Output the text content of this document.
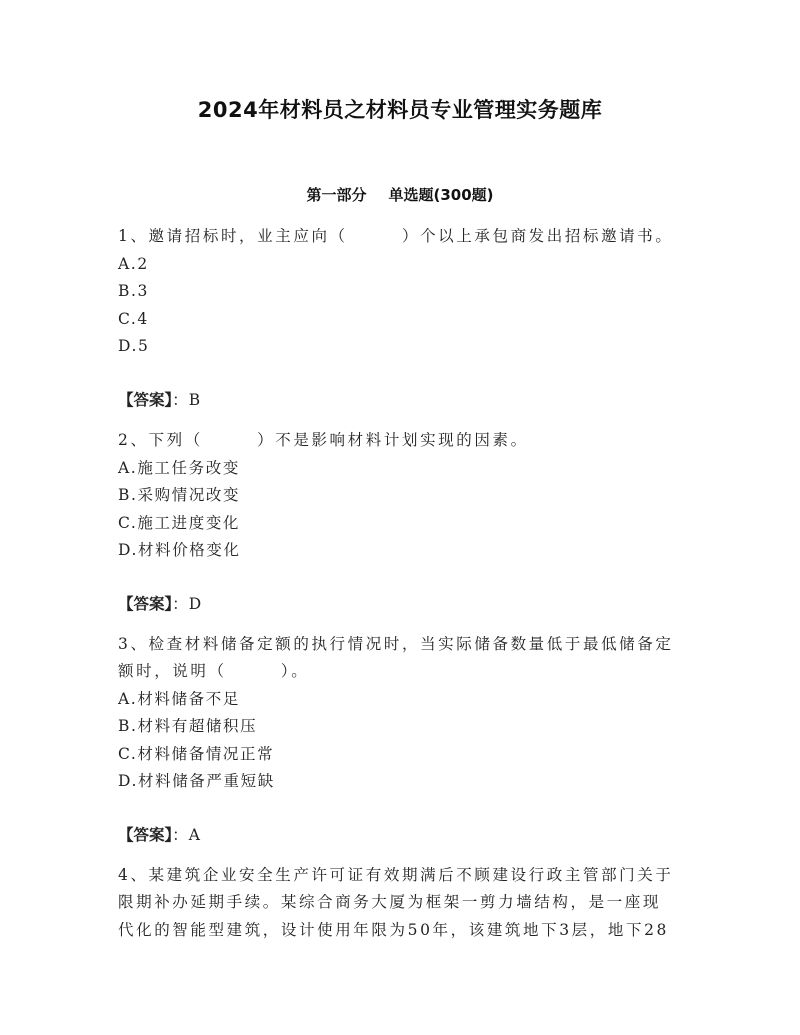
2024年材料员之材料员专业管理实务题库
第一部分 单选题(300题)
1、邀请招标时，业主应向（　　　）个以上承包商发出招标邀请书。
A.2
B.3
C.4
D.5
【答案】：B
2、下列（　　　）不是影响材料计划实现的因素。
A.施工任务改变
B.采购情况改变
C.施工进度变化
D.材料价格变化
【答案】：D
3、检查材料储备定额的执行情况时，当实际储备数量低于最低储备定
额时，说明（　　　）。
A.材料储备不足
B.材料有超储积压
C.材料储备情况正常
D.材料储备严重短缺
【答案】：A
4、某建筑企业安全生产许可证有效期满后不顾建设行政主管部门关于
限期补办延期手续。某综合商务大厦为框架一剪力墙结构，是一座现
代化的智能型建筑，设计使用年限为50年，该建筑地下3层，地下28
